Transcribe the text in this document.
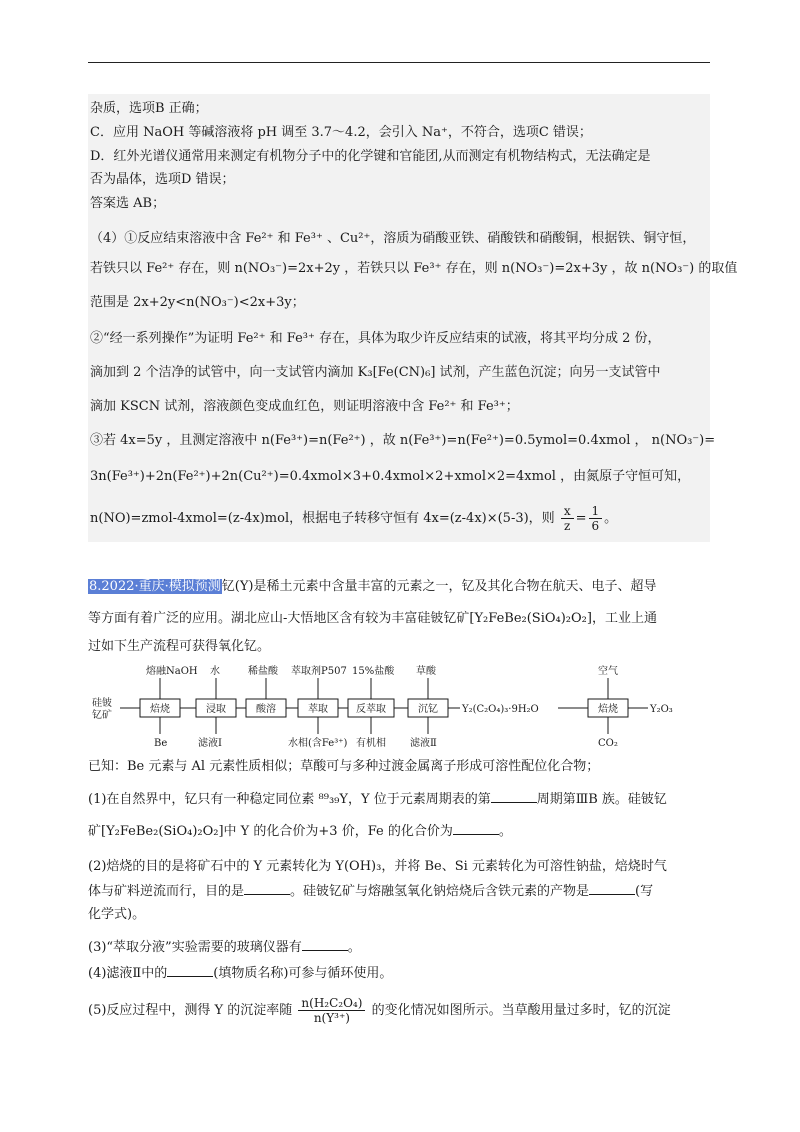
杂质，选项B 正确；
C．应用 NaOH 等碱溶液将 pH 调至 3.7～4.2，会引入 Na⁺，不符合，选项C 错误；
D．红外光谱仪通常用来测定有机物分子中的化学键和官能团,从而测定有机物结构式，无法确定是
否为晶体，选项D 错误；
答案选 AB；
（4）①反应结束溶液中含 Fe²⁺ 和 Fe³⁺ 、Cu²⁺，溶质为硝酸亚铁、硝酸铁和硝酸铜，根据铁、铜守恒，
若铁只以 Fe²⁺ 存在，则 n(NO₃⁻)=2x+2y ，若铁只以 Fe³⁺ 存在，则 n(NO₃⁻)=2x+3y ，故 n(NO₃⁻) 的取值
范围是 2x+2y<n(NO₃⁻)<2x+3y；
②“经一系列操作”为证明 Fe²⁺ 和 Fe³⁺ 存在，具体为取少许反应结束的试液，将其平均分成 2 份，
滴加到 2 个洁净的试管中，向一支试管内滴加 K₃[Fe(CN)₆] 试剂，产生蓝色沉淀；向另一支试管中
滴加 KSCN 试剂，溶液颜色变成血红色，则证明溶液中含 Fe²⁺ 和 Fe³⁺；
③若 4x=5y ，且测定溶液中 n(Fe³⁺)=n(Fe²⁺) ，故 n(Fe³⁺)=n(Fe²⁺)=0.5ymol=0.4xmol ， n(NO₃⁻)=
3n(Fe³⁺)+2n(Fe²⁺)+2n(Cu²⁺)=0.4xmol×3+0.4xmol×2+xmol×2=4xmol ，由氮原子守恒可知，
n(NO)=zmol-4xmol=(z-4x)mol，根据电子转移守恒有 4x=(z-4x)×(5-3)，则 $\frac{x}{z} = \frac{1}{6}$ 。
8.2022·重庆·模拟预测钇(Y)是稀土元素中含量丰富的元素之一，钇及其化合物在航天、电子、超导
等方面有着广泛的应用。湖北应山-大悟地区含有较为丰富硅铍钇矿[Y₂FeBe₂(SiO₄)₂O₂]，工业上通
过如下生产流程可获得氧化钇。
硅铍
钇矿
焙烧	浸取	酸溶	萃取	反萃取	沉钇 Y₂(C₂O₄)₃·9H₂O	焙烧	Y₂O₃
熔融NaOH 水	稀盐酸 萃取剂P507 15%盐酸 草酸	空气
Be	滤液Ⅰ	水相(含Fe³⁺) 有机相 滤液Ⅱ	CO₂
已知：Be 元素与 Al 元素性质相似；草酸可与多种过渡金属离子形成可溶性配位化合物；
(1)在自然界中，钇只有一种稳定同位素 ⁸⁹₃₉Y，Y 位于元素周期表的第	周期第ⅢB 族。硅铍钇
矿[Y₂FeBe₂(SiO₄)₂O₂]中 Y 的化合价为+3 价，Fe 的化合价为	。
(2)焙烧的目的是将矿石中的 Y 元素转化为 Y(OH)₃，并将 Be、Si 元素转化为可溶性钠盐，焙烧时气
体与矿料逆流而行，目的是	。硅铍钇矿与熔融氢氧化钠焙烧后含铁元素的产物是	(写
化学式)。
(3)“萃取分液”实验需要的玻璃仪器有	。
(4)滤液Ⅱ中的	(填物质名称)可参与循环使用。
(5)反应过程中，测得 Y 的沉淀率随 $\frac{\text{n(H₂C₂O₄)}}{\text{n(Y³⁺)}}$ 的变化情况如图所示。当草酸用量过多时，钇的沉淀
